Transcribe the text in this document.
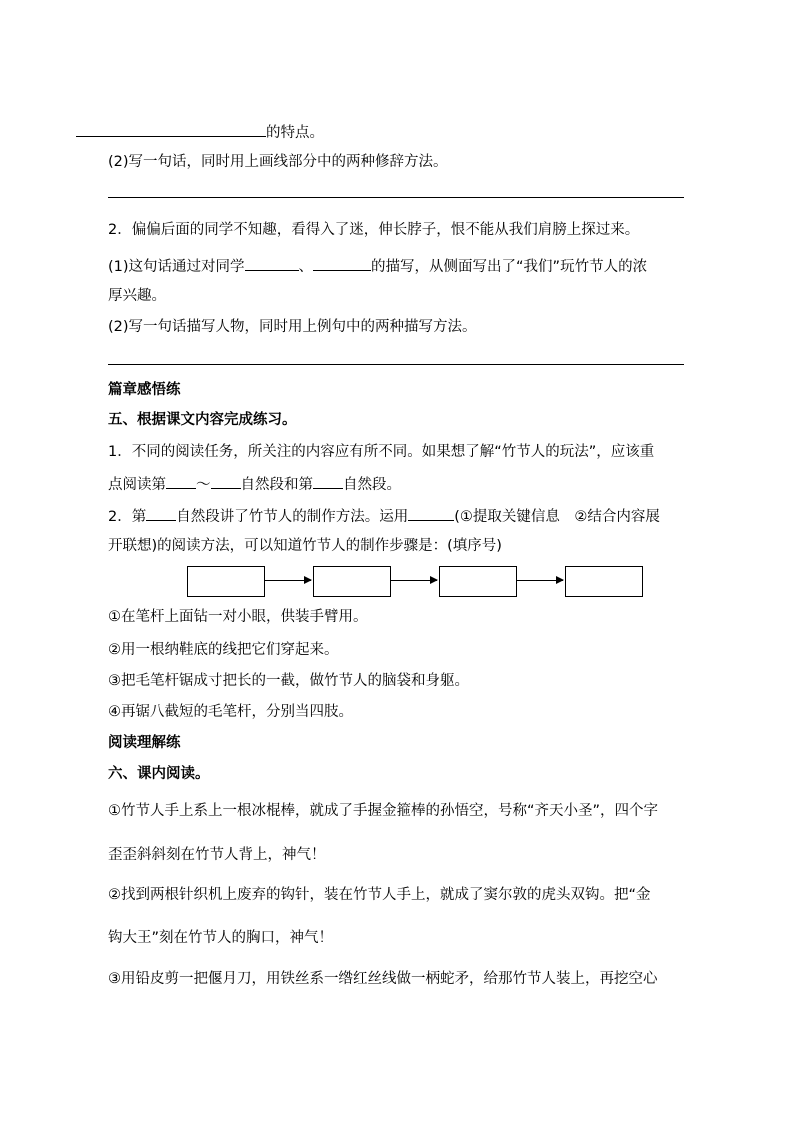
的特点。
(2)写一句话，同时用上画线部分中的两种修辞方法。
2．偏偏后面的同学不知趣，看得入了迷，伸长脖子，恨不能从我们肩膀上探过来。
(1)这句话通过对同学	、	的描写，从侧面写出了“我们”玩竹节人的浓
厚兴趣。
(2)写一句话描写人物，同时用上例句中的两种描写方法。
篇章感悟练
五、根据课文内容完成练习。
1．不同的阅读任务，所关注的内容应有所不同。如果想了解“竹节人的玩法”，应该重
点阅读第 ～ 自然段和第 自然段。
2．第 自然段讲了竹节人的制作方法。运用	(①提取关键信息　②结合内容展
开联想)的阅读方法，可以知道竹节人的制作步骤是：(填序号)
①在笔杆上面钻一对小眼，供装手臂用。
②用一根纳鞋底的线把它们穿起来。
③把毛笔杆锯成寸把长的一截，做竹节人的脑袋和身躯。
④再锯八截短的毛笔杆，分别当四肢。
阅读理解练
六、课内阅读。
①竹节人手上系上一根冰棍棒，就成了手握金箍棒的孙悟空，号称“齐天小圣”，四个字
歪歪斜斜刻在竹节人背上，神气！
②找到两根针织机上废弃的钩针，装在竹节人手上，就成了窦尔敦的虎头双钩。把“金
钩大王”刻在竹节人的胸口，神气！
③用铅皮剪一把偃月刀，用铁丝系一绺红丝线做一柄蛇矛，给那竹节人装上，再挖空心
